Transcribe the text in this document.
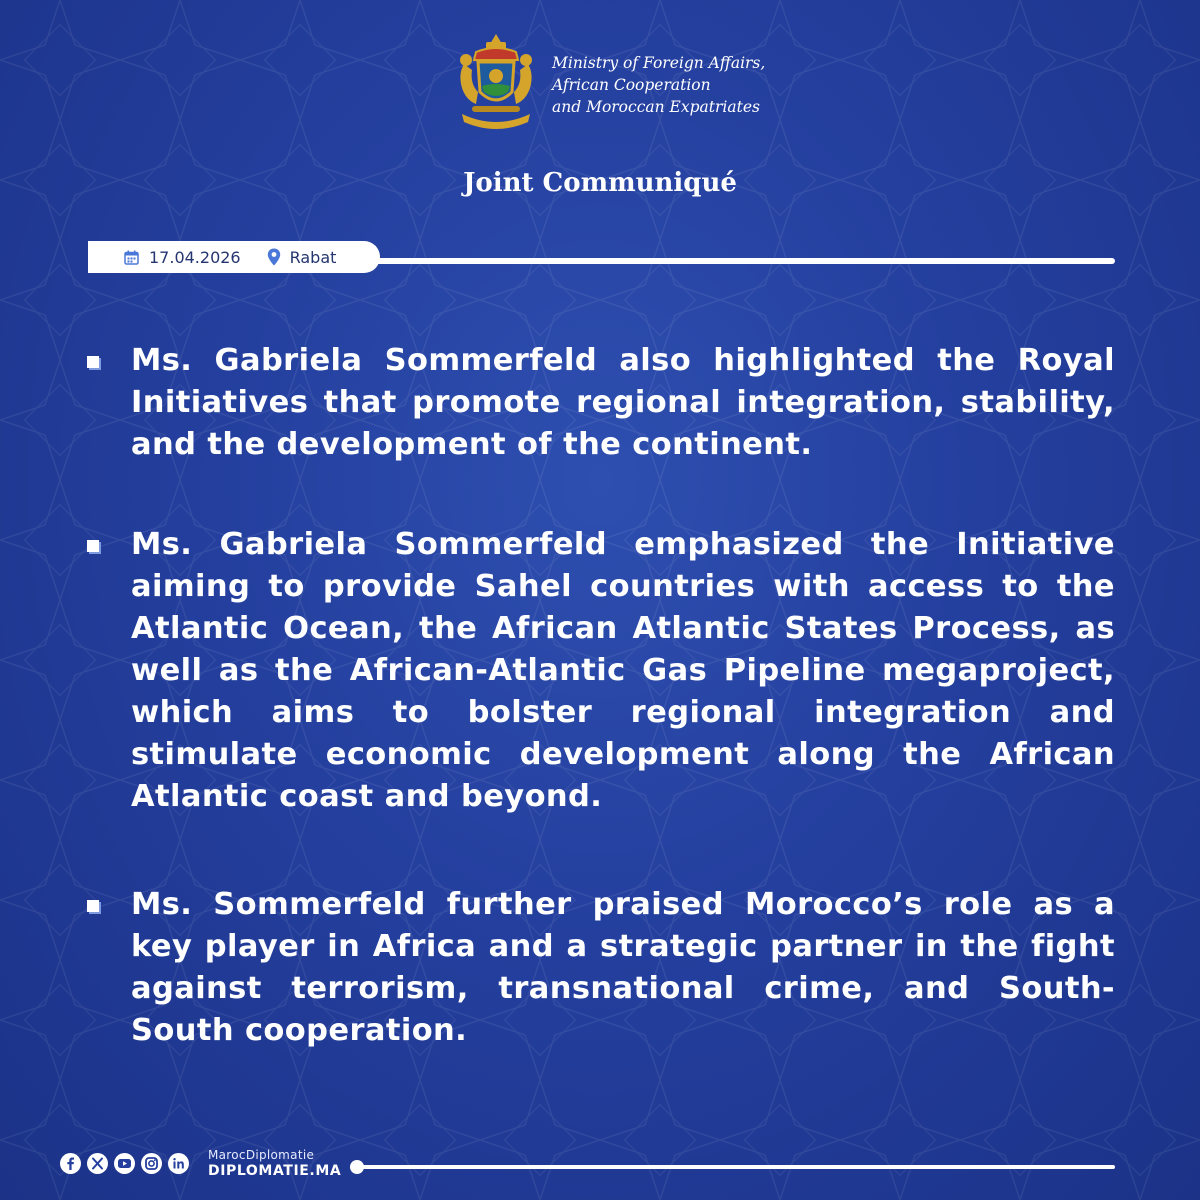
Ministry of Foreign Affairs,
African Cooperation
and Moroccan Expatriates
Joint Communiqué
17.04.2026	Rabat

Ms. Gabriela Sommerfeld also highlighted the Royal Initiatives that promote regional integration, stability, and the development of the continent.

Ms. Gabriela Sommerfeld emphasized the Initiative aiming to provide Sahel countries with access to the Atlantic Ocean, the African Atlantic States Process, as well as the African-Atlantic Gas Pipeline megaproject, which aims to bolster regional integration and stimulate economic development along the African Atlantic coast and beyond.

Ms. Sommerfeld further praised Morocco’s role as a key player in Africa and a strategic partner in the fight against terrorism, transnational crime, and South-South cooperation.

MarocDiplomatie
DIPLOMATIE.MA
